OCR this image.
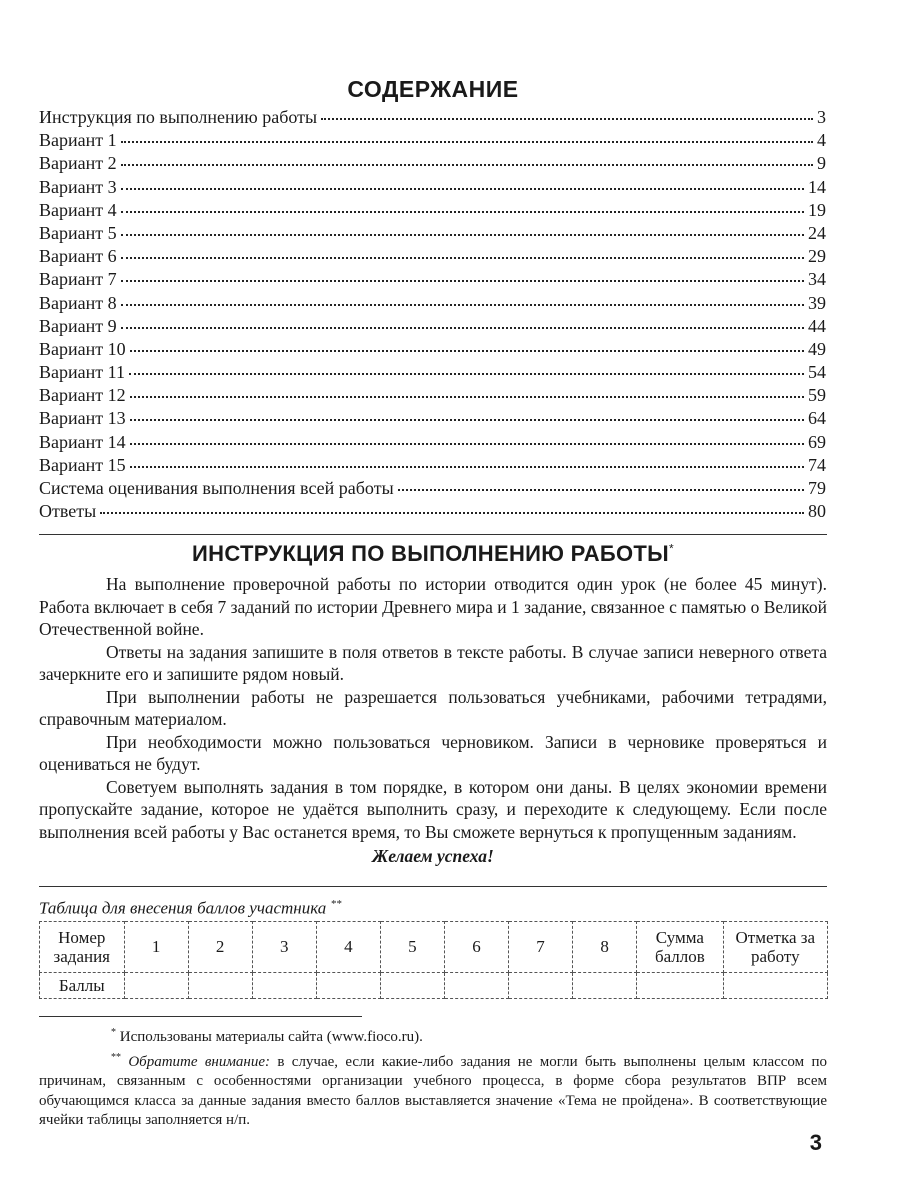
СОДЕРЖАНИЕ
Инструкция по выполнению работы	3
Вариант 1	4
Вариант 2	9
Вариант 3	14
Вариант 4	19
Вариант 5	24
Вариант 6	29
Вариант 7	34
Вариант 8	39
Вариант 9	44
Вариант 10	49
Вариант 11	54
Вариант 12	59
Вариант 13	64
Вариант 14	69
Вариант 15	74
Система оценивания выполнения всей работы	79
Ответы	80
ИНСТРУКЦИЯ ПО ВЫПОЛНЕНИЮ РАБОТЫ*

На выполнение проверочной работы по истории отводится один урок (не более 45 минут). Работа включает в себя 7 заданий по истории Древнего мира и 1 задание, связанное с памятью о Великой Отечественной войне.

Ответы на задания запишите в поля ответов в тексте работы. В случае записи неверного ответа зачеркните его и запишите рядом новый.

При выполнении работы не разрешается пользоваться учебниками, рабочими тетрадями, справочным материалом.

При необходимости можно пользоваться черновиком. Записи в черновике проверяться и оцениваться не будут.

Советуем выполнять задания в том порядке, в котором они даны. В целях экономии времени пропускайте задание, которое не удаётся выполнить сразу, и переходите к следующему. Если после выполнения всей работы у Вас останется время, то Вы сможете вернуться к пропущенным заданиям.

Желаем успеха!
Таблица для внесения баллов участника **
Номер задания	1	2	3	4	5	6	7	8	Сумма баллов	Отметка за работу
Баллы										

* Использованы материалы сайта (www.fioco.ru).

** Обратите внимание: в случае, если какие-либо задания не могли быть выполнены целым классом по причинам, связанным с особенностями организации учебного процесса, в форме сбора результатов ВПР всем обучающимся класса за данные задания вместо баллов выставляется значение «Тема не пройдена». В соответствующие ячейки таблицы заполняется н/п.

3
